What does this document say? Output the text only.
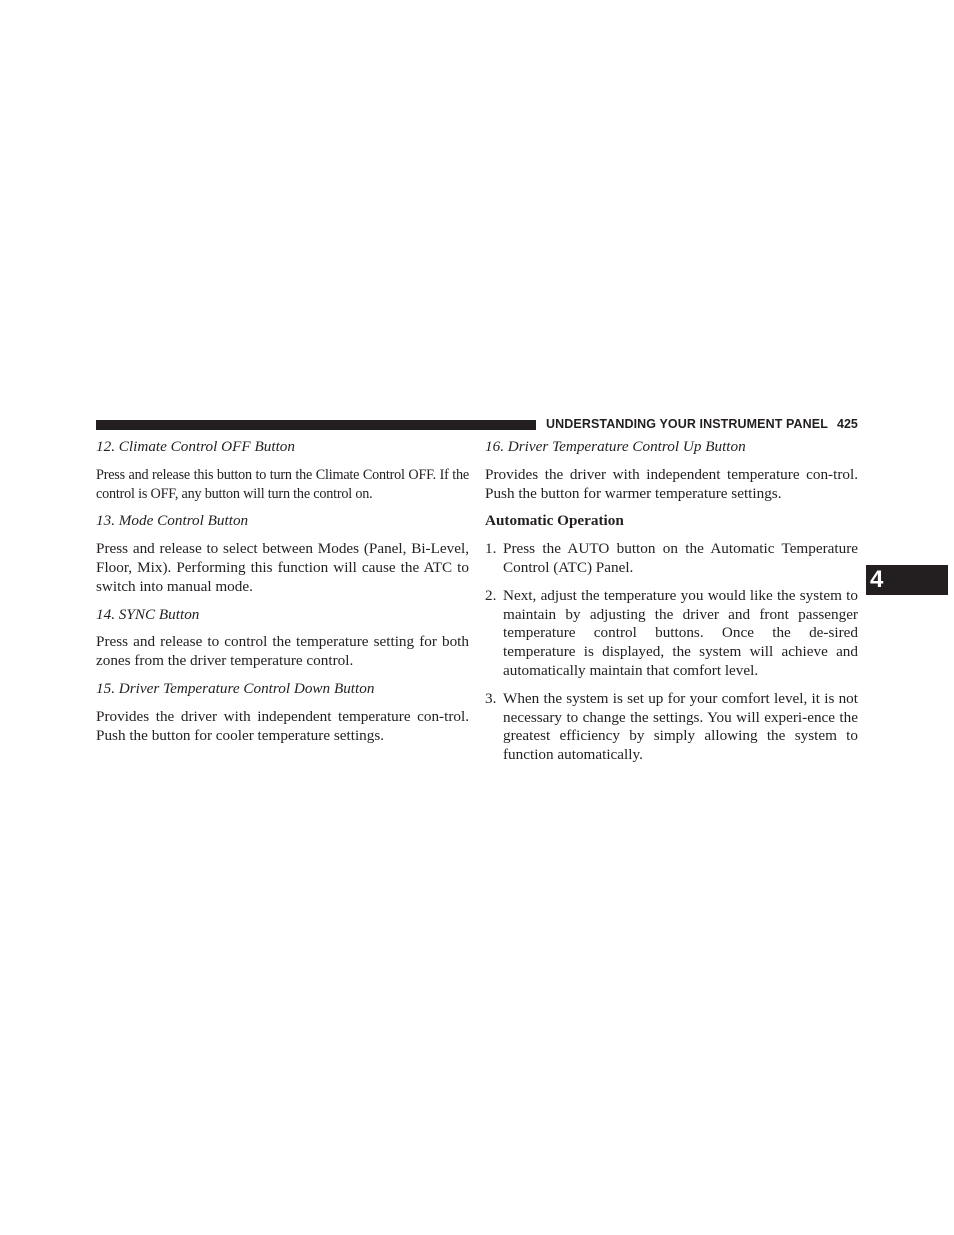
UNDERSTANDING YOUR INSTRUMENT PANEL 425
4
12. Climate Control OFF Button
Press and release this button to turn the Climate Control OFF. If the control is OFF, any button will turn the control on.
13. Mode Control Button
Press and release to select between Modes (Panel, Bi-Level, Floor, Mix). Performing this function will cause the ATC to switch into manual mode.
14. SYNC Button
Press and release to control the temperature setting for both zones from the driver temperature control.
15. Driver Temperature Control Down Button
Provides the driver with independent temperature con-trol. Push the button for cooler temperature settings.
16. Driver Temperature Control Up Button
Provides the driver with independent temperature con-trol. Push the button for warmer temperature settings.
Automatic Operation
1. Press the AUTO button on the Automatic Temperature Control (ATC) Panel.
2. Next, adjust the temperature you would like the system to maintain by adjusting the driver and front passenger temperature control buttons. Once the de-sired temperature is displayed, the system will achieve and automatically maintain that comfort level.
3. When the system is set up for your comfort level, it is not necessary to change the settings. You will experi-ence the greatest efficiency by simply allowing the system to function automatically.
